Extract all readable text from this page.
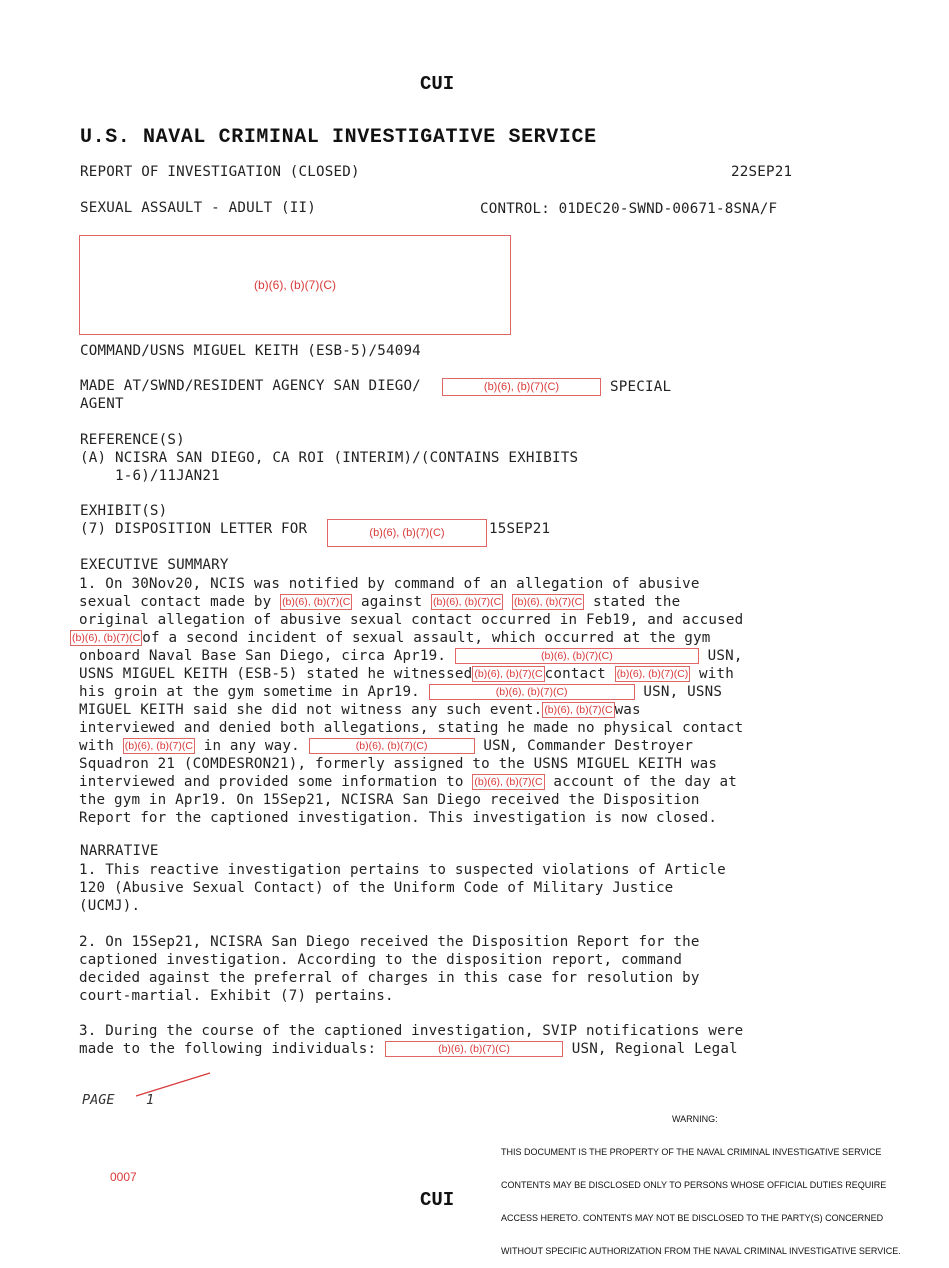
CUI
U.S. NAVAL CRIMINAL INVESTIGATIVE SERVICE
REPORT OF INVESTIGATION (CLOSED)	22SEP21
SEXUAL ASSAULT - ADULT (II)	CONTROL: 01DEC20-SWND-00671-8SNA/F
(b)(6), (b)(7)(C)
COMMAND/USNS MIGUEL KEITH (ESB-5)/54094
MADE AT/SWND/RESIDENT AGENCY SAN DIEGO/	(b)(6), (b)(7)(C)	SPECIAL
AGENT
REFERENCE(S)
(A) NCISRA SAN DIEGO, CA ROI (INTERIM)/(CONTAINS EXHIBITS
1-6)/11JAN21
EXHIBIT(S)
(7) DISPOSITION LETTER FOR	(b)(6), (b)(7)(C)	15SEP21
EXECUTIVE SUMMARY
1. On 30Nov20, NCIS was notified by command of an allegation of abusive
sexual contact made by (b)(6), (b)(7)(C against (b)(6), (b)(7)(C (b)(6), (b)(7)(C stated the
original allegation of abusive sexual contact occurred in Feb19, and accused
(b)(6), (b)(7)(C of a second incident of sexual assault, which occurred at the gym
onboard Naval Base San Diego, circa Apr19.	(b)(6), (b)(7)(C)	USN,
USNS MIGUEL KEITH (ESB-5) stated he witnessed (b)(6), (b)(7)(C contact (b)(6), (b)(7)(C) with
his groin at the gym sometime in Apr19.	(b)(6), (b)(7)(C)	USN, USNS
MIGUEL KEITH said she did not witness any such event. (b)(6), (b)(7)(C was
interviewed and denied both allegations, stating he made no physical contact
with (b)(6), (b)(7)(C in any way.	(b)(6), (b)(7)(C)	USN, Commander Destroyer
Squadron 21 (COMDESRON21), formerly assigned to the USNS MIGUEL KEITH was
interviewed and provided some information to (b)(6), (b)(7)(C account of the day at
the gym in Apr19. On 15Sep21, NCISRA San Diego received the Disposition
Report for the captioned investigation. This investigation is now closed.
NARRATIVE
1. This reactive investigation pertains to suspected violations of Article
120 (Abusive Sexual Contact) of the Uniform Code of Military Justice
(UCMJ).
2. On 15Sep21, NCISRA San Diego received the Disposition Report for the
captioned investigation. According to the disposition report, command
decided against the preferral of charges in this case for resolution by
court-martial. Exhibit (7) pertains.
3. During the course of the captioned investigation, SVIP notifications were
made to the following individuals:	(b)(6), (b)(7)(C)	USN, Regional Legal
PAGE 1
WARNING:

THIS DOCUMENT IS THE PROPERTY OF THE NAVAL CRIMINAL INVESTIGATIVE SERVICE

CONTENTS MAY BE DISCLOSED ONLY TO PERSONS WHOSE OFFICIAL DUTIES REQUIRE

ACCESS HERETO. CONTENTS MAY NOT BE DISCLOSED TO THE PARTY(S) CONCERNED

WITHOUT SPECIFIC AUTHORIZATION FROM THE NAVAL CRIMINAL INVESTIGATIVE SERVICE.

0007
CUI
